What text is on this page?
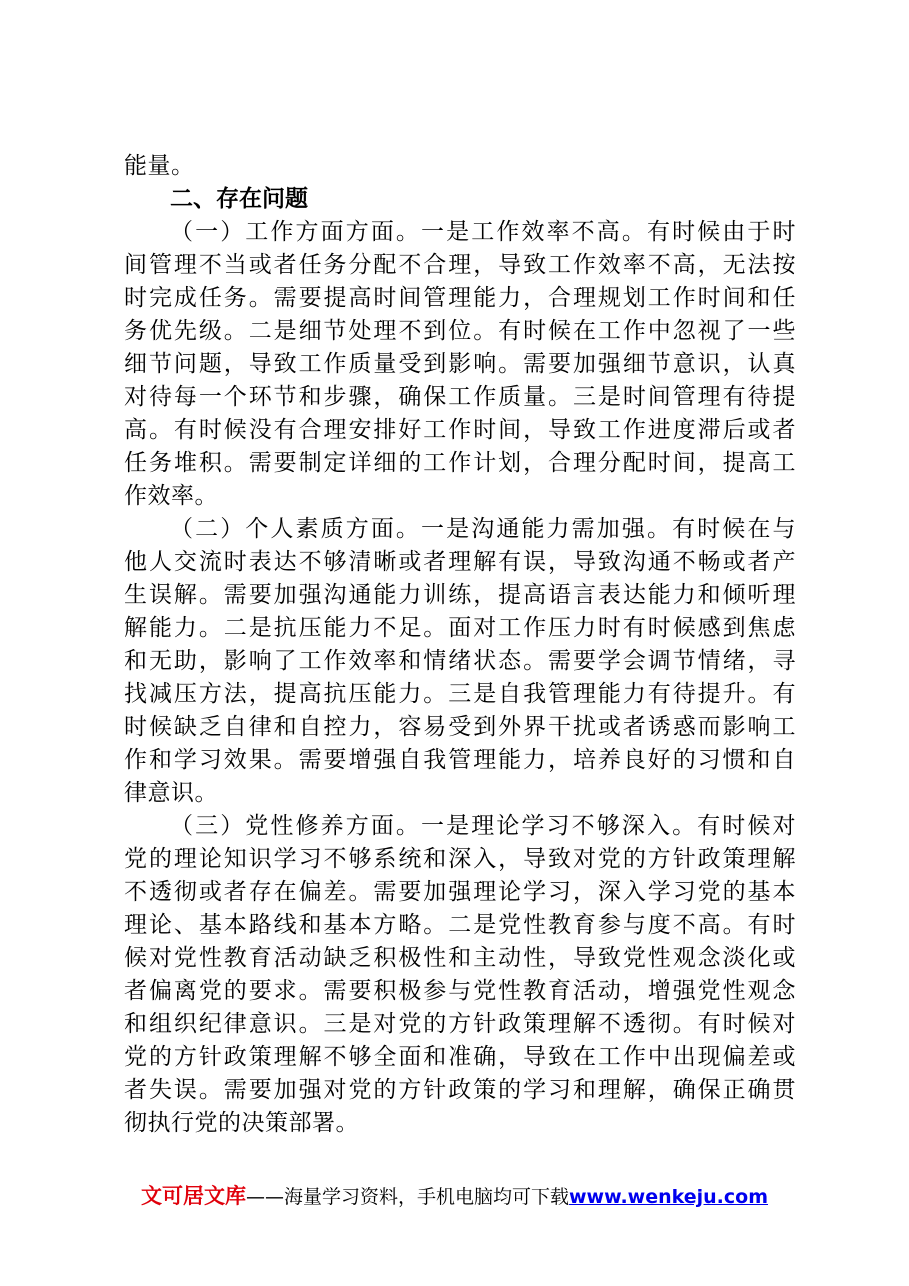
能量。
二、存在问题
（一）工作方面方面。一是工作效率不高。有时候由于时
间管理不当或者任务分配不合理，导致工作效率不高，无法按
时完成任务。需要提高时间管理能力，合理规划工作时间和任
务优先级。二是细节处理不到位。有时候在工作中忽视了一些
细节问题，导致工作质量受到影响。需要加强细节意识，认真
对待每一个环节和步骤，确保工作质量。三是时间管理有待提
高。有时候没有合理安排好工作时间，导致工作进度滞后或者
任务堆积。需要制定详细的工作计划，合理分配时间，提高工
作效率。
（二）个人素质方面。一是沟通能力需加强。有时候在与
他人交流时表达不够清晰或者理解有误，导致沟通不畅或者产
生误解。需要加强沟通能力训练，提高语言表达能力和倾听理
解能力。二是抗压能力不足。面对工作压力时有时候感到焦虑
和无助，影响了工作效率和情绪状态。需要学会调节情绪，寻
找减压方法，提高抗压能力。三是自我管理能力有待提升。有
时候缺乏自律和自控力，容易受到外界干扰或者诱惑而影响工
作和学习效果。需要增强自我管理能力，培养良好的习惯和自
律意识。
（三）党性修养方面。一是理论学习不够深入。有时候对
党的理论知识学习不够系统和深入，导致对党的方针政策理解
不透彻或者存在偏差。需要加强理论学习，深入学习党的基本
理论、基本路线和基本方略。二是党性教育参与度不高。有时
候对党性教育活动缺乏积极性和主动性，导致党性观念淡化或
者偏离党的要求。需要积极参与党性教育活动，增强党性观念
和组织纪律意识。三是对党的方针政策理解不透彻。有时候对
党的方针政策理解不够全面和准确，导致在工作中出现偏差或
者失误。需要加强对党的方针政策的学习和理解，确保正确贯
彻执行党的决策部署。
文可居文库——海量学习资料，手机电脑均可下载www.wenkeju.com
